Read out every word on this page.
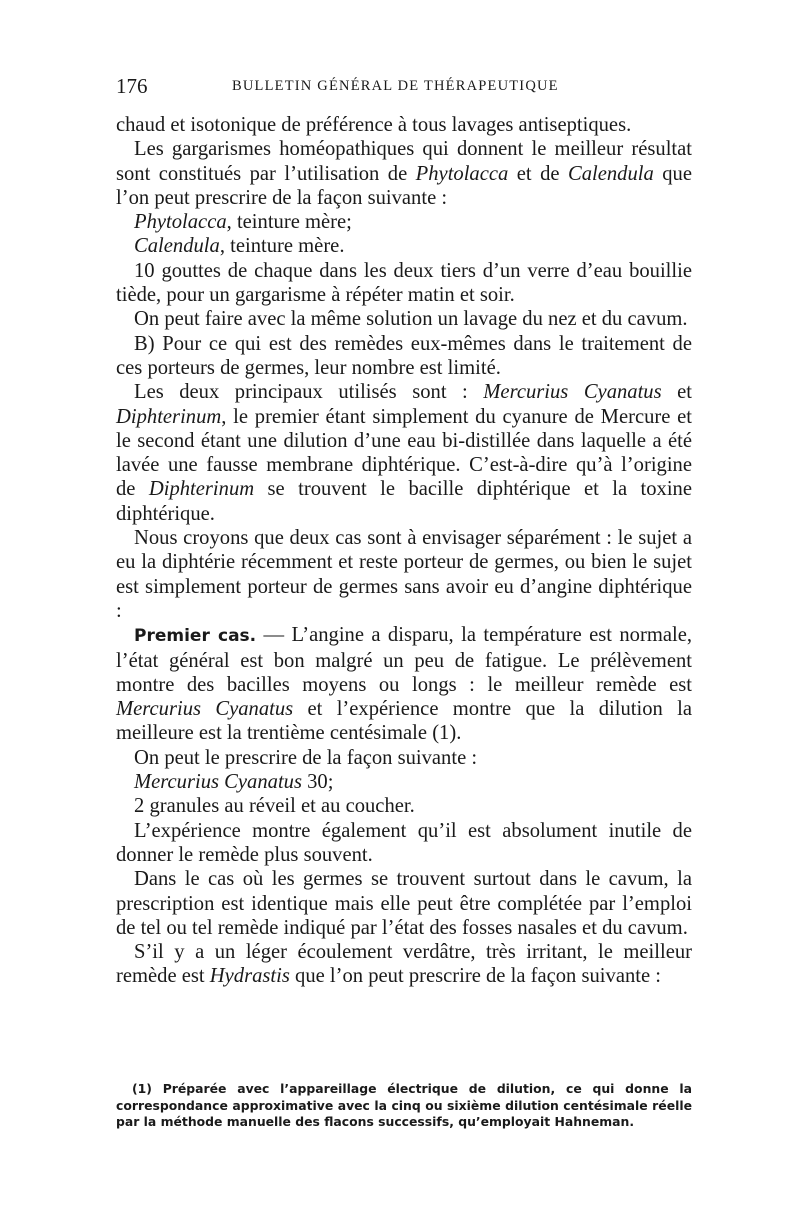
176	BULLETIN GÉNÉRAL DE THÉRAPEUTIQUE

chaud et isotonique de préférence à tous lavages antiseptiques.

Les gargarismes homéopathiques qui donnent le meilleur résultat sont constitués par l’utilisation de Phytolacca et de Calendula que l’on peut prescrire de la façon suivante :

Phytolacca, teinture mère;

Calendula, teinture mère.

10 gouttes de chaque dans les deux tiers d’un verre d’eau bouillie tiède, pour un gargarisme à répéter matin et soir.

On peut faire avec la même solution un lavage du nez et du cavum.

B) Pour ce qui est des remèdes eux-mêmes dans le traitement de ces porteurs de germes, leur nombre est limité.

Les deux principaux utilisés sont : Mercurius Cyanatus et Diphterinum, le premier étant simplement du cyanure de Mercure et le second étant une dilution d’une eau bi-distillée dans laquelle a été lavée une fausse membrane diphtérique. C’est-à-dire qu’à l’origine de Diphterinum se trouvent le bacille diphtérique et la toxine diphtérique.

Nous croyons que deux cas sont à envisager séparément : le sujet a eu la diphtérie récemment et reste porteur de germes, ou bien le sujet est simplement porteur de germes sans avoir eu d’angine diphtérique :

Premier cas. — L’angine a disparu, la température est normale, l’état général est bon malgré un peu de fatigue. Le prélèvement montre des bacilles moyens ou longs : le meilleur remède est Mercurius Cyanatus et l’expérience montre que la dilution la meilleure est la trentième centésimale (1).

On peut le prescrire de la façon suivante :

Mercurius Cyanatus 30;

2 granules au réveil et au coucher.

L’expérience montre également qu’il est absolument inutile de donner le remède plus souvent.

Dans le cas où les germes se trouvent surtout dans le cavum, la prescription est identique mais elle peut être complétée par l’emploi de tel ou tel remède indiqué par l’état des fosses nasales et du cavum.

S’il y a un léger écoulement verdâtre, très irritant, le meilleur remède est Hydrastis que l’on peut prescrire de la façon suivante :

(1) Préparée avec l’appareillage électrique de dilution, ce qui donne la correspondance approximative avec la cinq ou sixième dilution centésimale réelle par la méthode manuelle des flacons successifs, qu’employait Hahneman.
